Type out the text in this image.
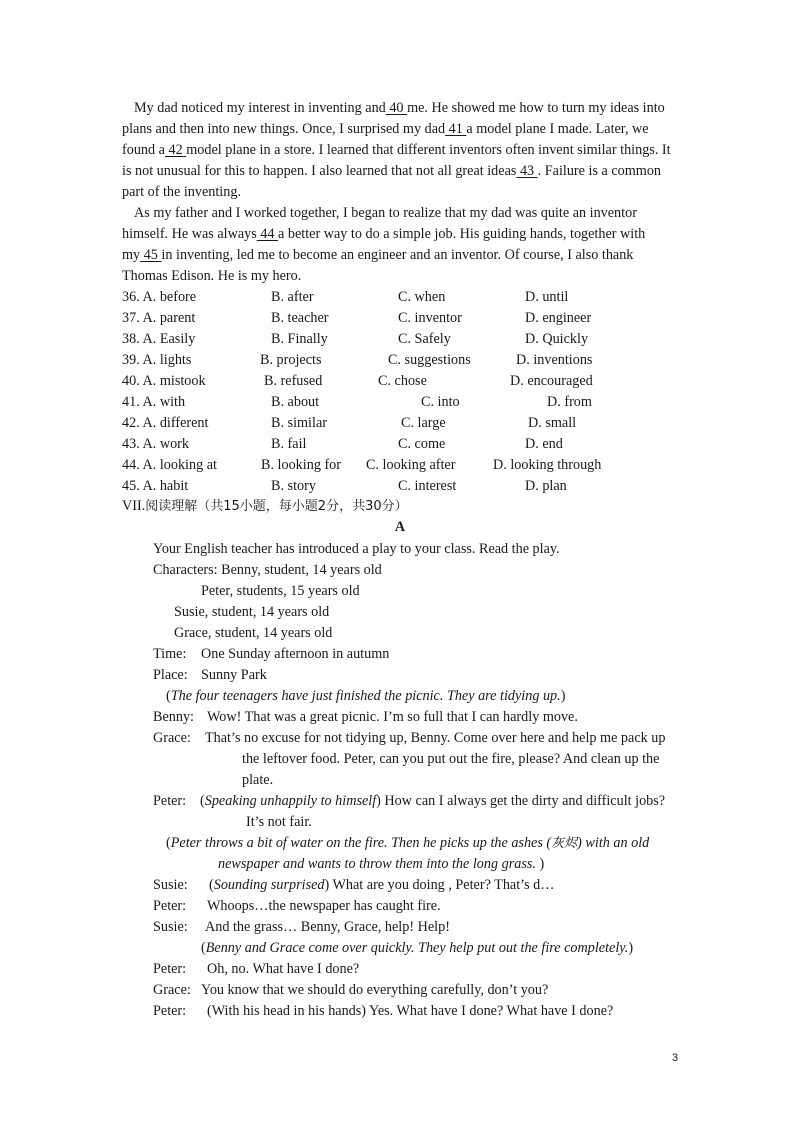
My dad noticed my interest in inventing and 40 me. He showed me how to turn my ideas into
plans and then into new things. Once, I surprised my dad 41 a model plane I made. Later, we
found a 42 model plane in a store. I learned that different inventors often invent similar things. It
is not unusual for this to happen. I also learned that not all great ideas 43 . Failure is a common
part of the inventing.
As my father and I worked together, I began to realize that my dad was quite an inventor
himself. He was always 44 a better way to do a simple job. His guiding hands, together with
my 45 in inventing, led me to become an engineer and an inventor. Of course, I also thank
Thomas Edison. He is my hero.
36. A. before	B. after	C. when	D. until
37. A. parent	B. teacher	C. inventor	D. engineer
38. A. Easily	B. Finally	C. Safely	D. Quickly
39. A. lights	B. projects	C. suggestions	D. inventions
40. A. mistook	B. refused	C. chose	D. encouraged
41. A. with	B. about	C. into	D. from
42. A. different	B. similar	C. large	D. small
43. A. work	B. fail	C. come	D. end
44. A. looking at	B. looking for C. looking after	D. looking through
45. A. habit	B. story	C. interest	D. plan
VII.阅读理解（共15小题，每小题2分，共30分）
A
Your English teacher has introduced a play to your class. Read the play.
Characters: Benny, student, 14 years old
Peter, students, 15 years old
Susie, student, 14 years old
Grace, student, 14 years old
Time: One Sunday afternoon in autumn
Place: Sunny Park
(The four teenagers have just finished the picnic. They are tidying up.)
Benny: Wow! That was a great picnic. I’m so full that I can hardly move.
Grace: That’s no excuse for not tidying up, Benny. Come over here and help me pack up
the leftover food. Peter, can you put out the fire, please? And clean up the
plate.
Peter: (Speaking unhappily to himself) How can I always get the dirty and difficult jobs?
It’s not fair.
(Peter throws a bit of water on the fire. Then he picks up the ashes (灰烬) with an old
newspaper and wants to throw them into the long grass. )
Susie: (Sounding surprised) What are you doing , Peter? That’s d…
Peter: Whoops…the newspaper has caught fire.
Susie: And the grass… Benny, Grace, help! Help!
(Benny and Grace come over quickly. They help put out the fire completely.)
Peter: Oh, no. What have I done?
Grace: You know that we should do everything carefully, don’t you?
Peter: (With his head in his hands) Yes. What have I done? What have I done?
3
